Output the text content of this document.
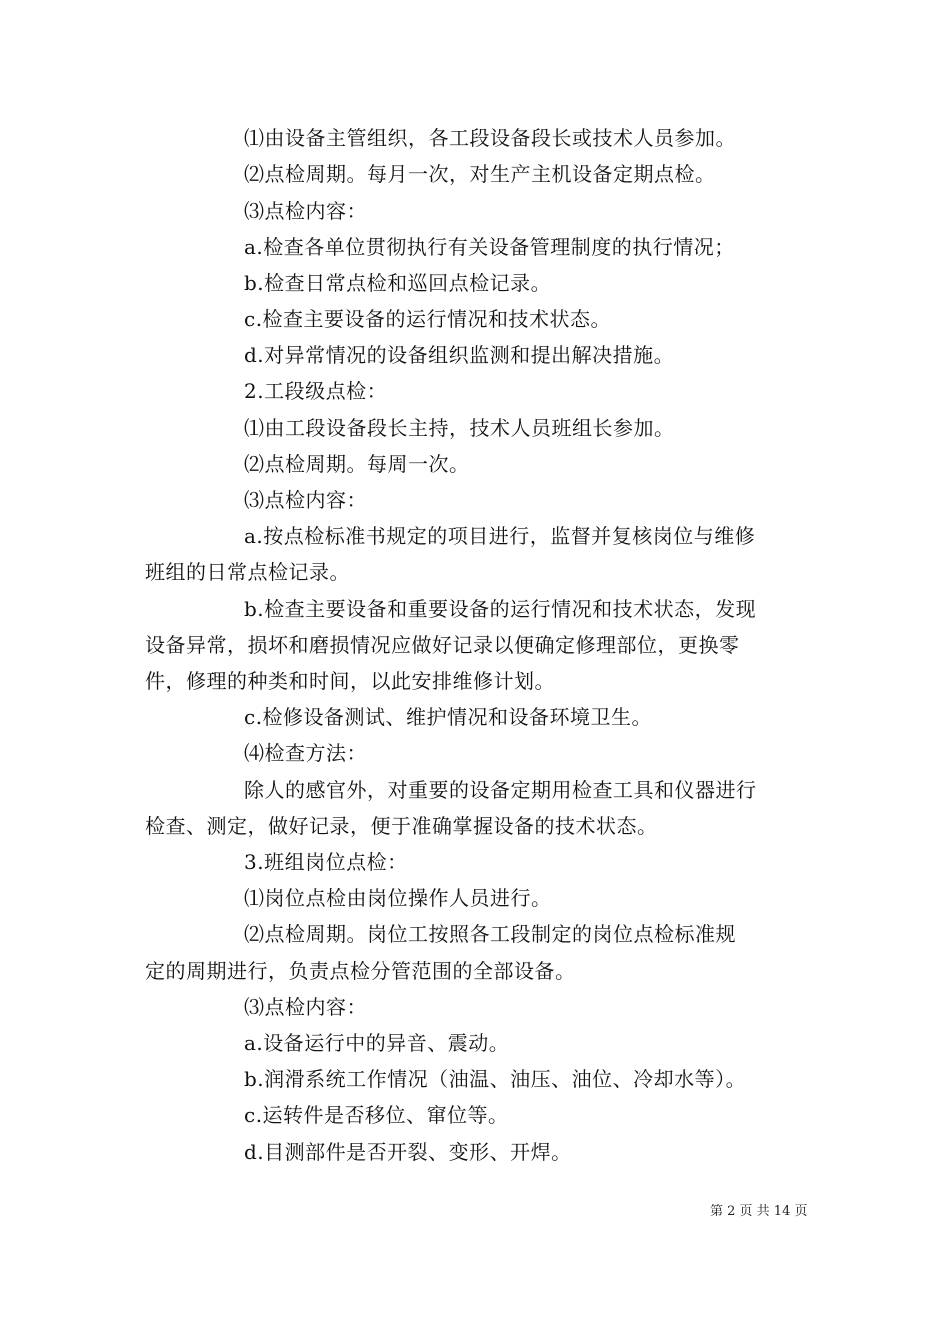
⑴由设备主管组织，各工段设备段长或技术人员参加。
⑵点检周期。每月一次，对生产主机设备定期点检。
⑶点检内容：
a.检查各单位贯彻执行有关设备管理制度的执行情况；
b.检查日常点检和巡回点检记录。
c.检查主要设备的运行情况和技术状态。
d.对异常情况的设备组织监测和提出解决措施。
2.工段级点检：
⑴由工段设备段长主持，技术人员班组长参加。
⑵点检周期。每周一次。
⑶点检内容：
a.按点检标准书规定的项目进行，监督并复核岗位与维修
班组的日常点检记录。
b.检查主要设备和重要设备的运行情况和技术状态，发现
设备异常，损坏和磨损情况应做好记录以便确定修理部位，更换零
件，修理的种类和时间，以此安排维修计划。
c.检修设备测试、维护情况和设备环境卫生。
⑷检查方法：
除人的感官外，对重要的设备定期用检查工具和仪器进行
检查、测定，做好记录，便于准确掌握设备的技术状态。
3.班组岗位点检：
⑴岗位点检由岗位操作人员进行。
⑵点检周期。岗位工按照各工段制定的岗位点检标准规
定的周期进行，负责点检分管范围的全部设备。
⑶点检内容：
a.设备运行中的异音、震动。
b.润滑系统工作情况（油温、油压、油位、冷却水等）。
c.运转件是否移位、窜位等。
d.目测部件是否开裂、变形、开焊。
第 2 页 共 14 页
